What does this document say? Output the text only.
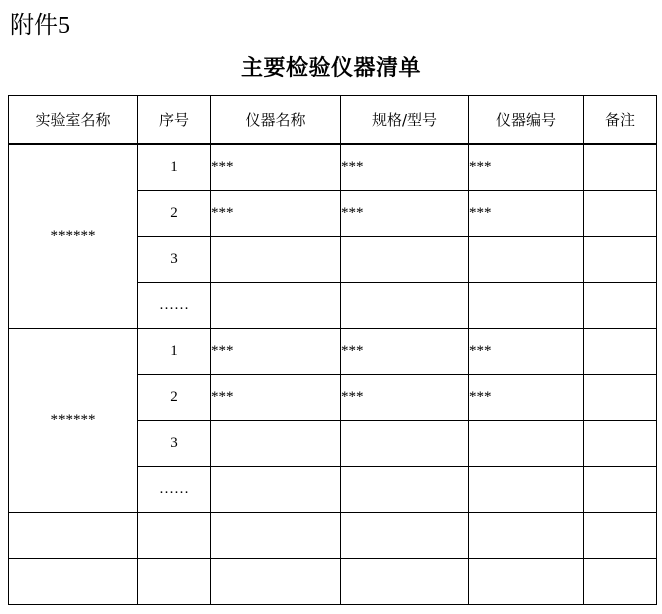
附件5
主要检验仪器清单
实验室名称	序号	仪器名称	规格/型号	仪器编号	备注
******	1	***	***	***	
	2	***	***	***	
	3				
	……				
******	1	***	***	***	
	2	***	***	***	
	3				
	……				
